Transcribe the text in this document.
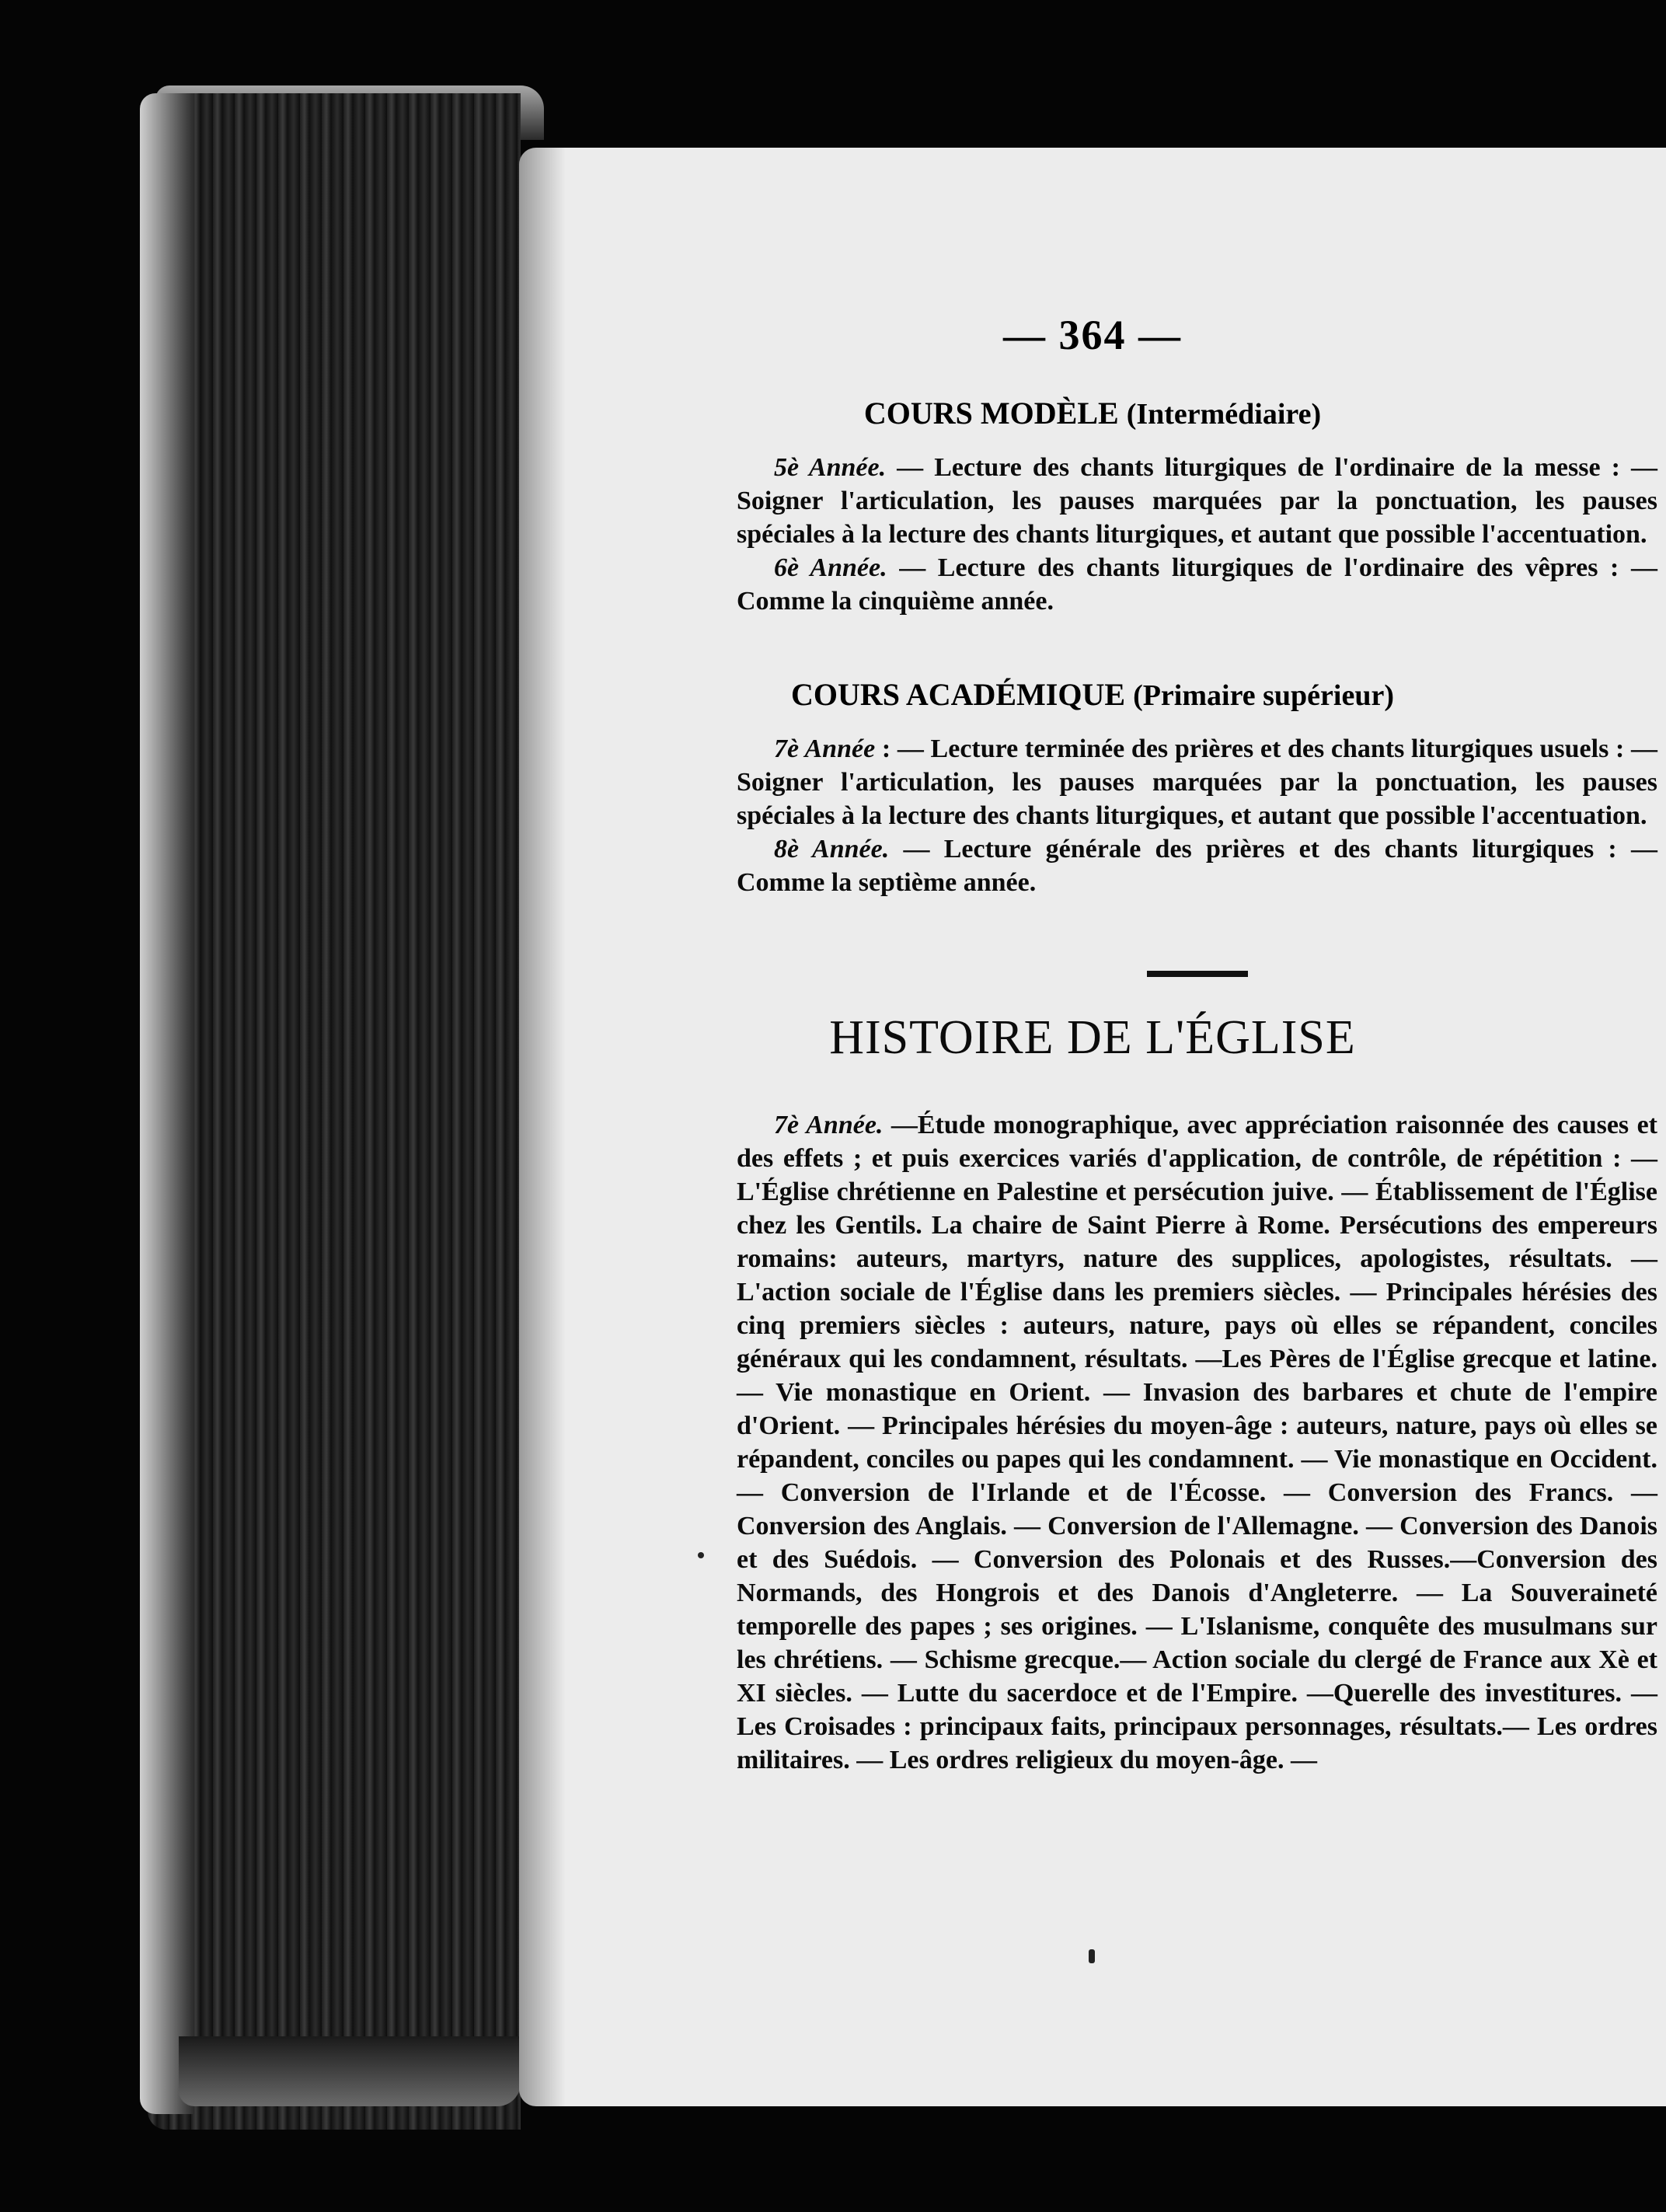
— 364 —
COURS MODÈLE (Intermédiaire)

5è Année. — Lecture des chants liturgiques de l'ordinaire de la messe : — Soigner l'articulation, les pauses marquées par la ponctuation, les pauses spéciales à la lecture des chants liturgiques, et autant que possible l'accentuation.

6è Année. — Lecture des chants liturgiques de l'ordinaire des vêpres : — Comme la cinquième année.

COURS ACADÉMIQUE (Primaire supérieur)

7è Année : — Lecture terminée des prières et des chants liturgiques usuels : — Soigner l'articulation, les pauses marquées par la ponctuation, les pauses spéciales à la lecture des chants liturgiques, et autant que possible l'accentuation.

8è Année. — Lecture générale des prières et des chants liturgiques : — Comme la septième année.

HISTOIRE DE L'ÉGLISE

7è Année. —Étude monographique, avec appréciation raisonnée des causes et des effets ; et puis exercices variés d'application, de contrôle, de répétition : — L'Église chrétienne en Palestine et persécution juive. — Établissement de l'Église chez les Gentils. La chaire de Saint Pierre à Rome. Persécutions des empereurs romains: auteurs, martyrs, nature des supplices, apologistes, résultats. — L'action sociale de l'Église dans les premiers siècles. — Principales hérésies des cinq premiers siècles : auteurs, nature, pays où elles se répandent, conciles généraux qui les condamnent, résultats. —Les Pères de l'Église grecque et latine. — Vie monastique en Orient. — Invasion des barbares et chute de l'empire d'Orient. — Principales hérésies du moyen-âge : auteurs, nature, pays où elles se répandent, conciles ou papes qui les condamnent. — Vie monastique en Occident. — Conversion de l'Irlande et de l'Écosse. — Conversion des Francs. — Conversion des Anglais. — Conversion de l'Allemagne. — Conversion des Danois et des Suédois. — Conversion des Polonais et des Russes.—Conversion des Normands, des Hongrois et des Danois d'Angleterre. — La Souveraineté temporelle des papes ; ses origines. — L'Islanisme, conquête des musulmans sur les chrétiens. — Schisme grecque.— Action sociale du clergé de France aux Xè et XI siècles. — Lutte du sacerdoce et de l'Empire. —Querelle des investitures. — Les Croisades : principaux faits, principaux personnages, résultats.— Les ordres militaires. — Les ordres religieux du moyen-âge. —
